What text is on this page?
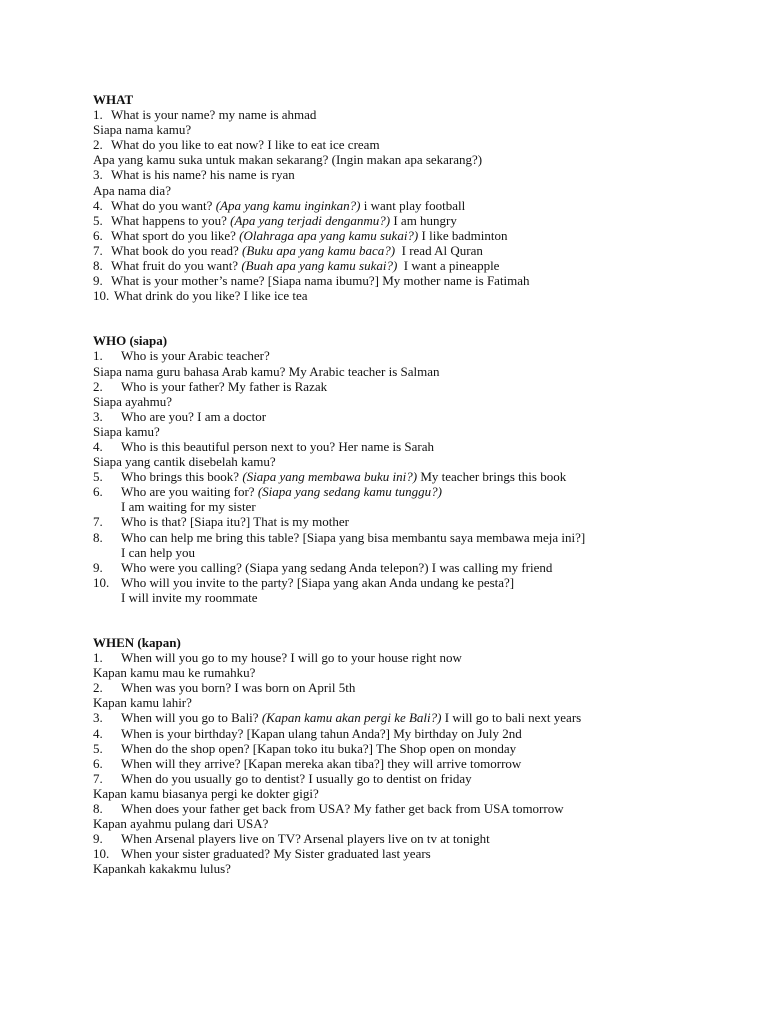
WHAT
1. What is your name? my name is ahmad
Siapa nama kamu?
2. What do you like to eat now? I like to eat ice cream
Apa yang kamu suka untuk makan sekarang? (Ingin makan apa sekarang?)
3. What is his name? his name is ryan
Apa nama dia?
4. What do you want? (Apa yang kamu inginkan?) i want play football
5. What happens to you? (Apa yang terjadi denganmu?) I am hungry
6. What sport do you like? (Olahraga apa yang kamu sukai?) I like badminton
7. What book do you read? (Buku apa yang kamu baca?)  I read Al Quran
8. What fruit do you want? (Buah apa yang kamu sukai?)  I want a pineapple
9. What is your mother’s name? [Siapa nama ibumu?] My mother name is Fatimah
10. What drink do you like? I like ice tea
WHO (siapa)
1. Who is your Arabic teacher?
Siapa nama guru bahasa Arab kamu? My Arabic teacher is Salman
2. Who is your father? My father is Razak
Siapa ayahmu?
3. Who are you? I am a doctor
Siapa kamu?
4. Who is this beautiful person next to you? Her name is Sarah
Siapa yang cantik disebelah kamu?
5. Who brings this book? (Siapa yang membawa buku ini?) My teacher brings this book
6. Who are you waiting for? (Siapa yang sedang kamu tunggu?)
I am waiting for my sister
7. Who is that? [Siapa itu?] That is my mother
8. Who can help me bring this table? [Siapa yang bisa membantu saya membawa meja ini?]
I can help you
9. Who were you calling? (Siapa yang sedang Anda telepon?) I was calling my friend
10. Who will you invite to the party? [Siapa yang akan Anda undang ke pesta?]
I will invite my roommate
WHEN (kapan)
1. When will you go to my house? I will go to your house right now
Kapan kamu mau ke rumahku?
2. When was you born? I was born on April 5th
Kapan kamu lahir?
3. When will you go to Bali? (Kapan kamu akan pergi ke Bali?) I will go to bali next years
4. When is your birthday? [Kapan ulang tahun Anda?] My birthday on July 2nd
5. When do the shop open? [Kapan toko itu buka?] The Shop open on monday
6. When will they arrive? [Kapan mereka akan tiba?] they will arrive tomorrow
7. When do you usually go to dentist? I usually go to dentist on friday
Kapan kamu biasanya pergi ke dokter gigi?
8. When does your father get back from USA? My father get back from USA tomorrow
Kapan ayahmu pulang dari USA?
9. When Arsenal players live on TV? Arsenal players live on tv at tonight
10. When your sister graduated? My Sister graduated last years
Kapankah kakakmu lulus?
